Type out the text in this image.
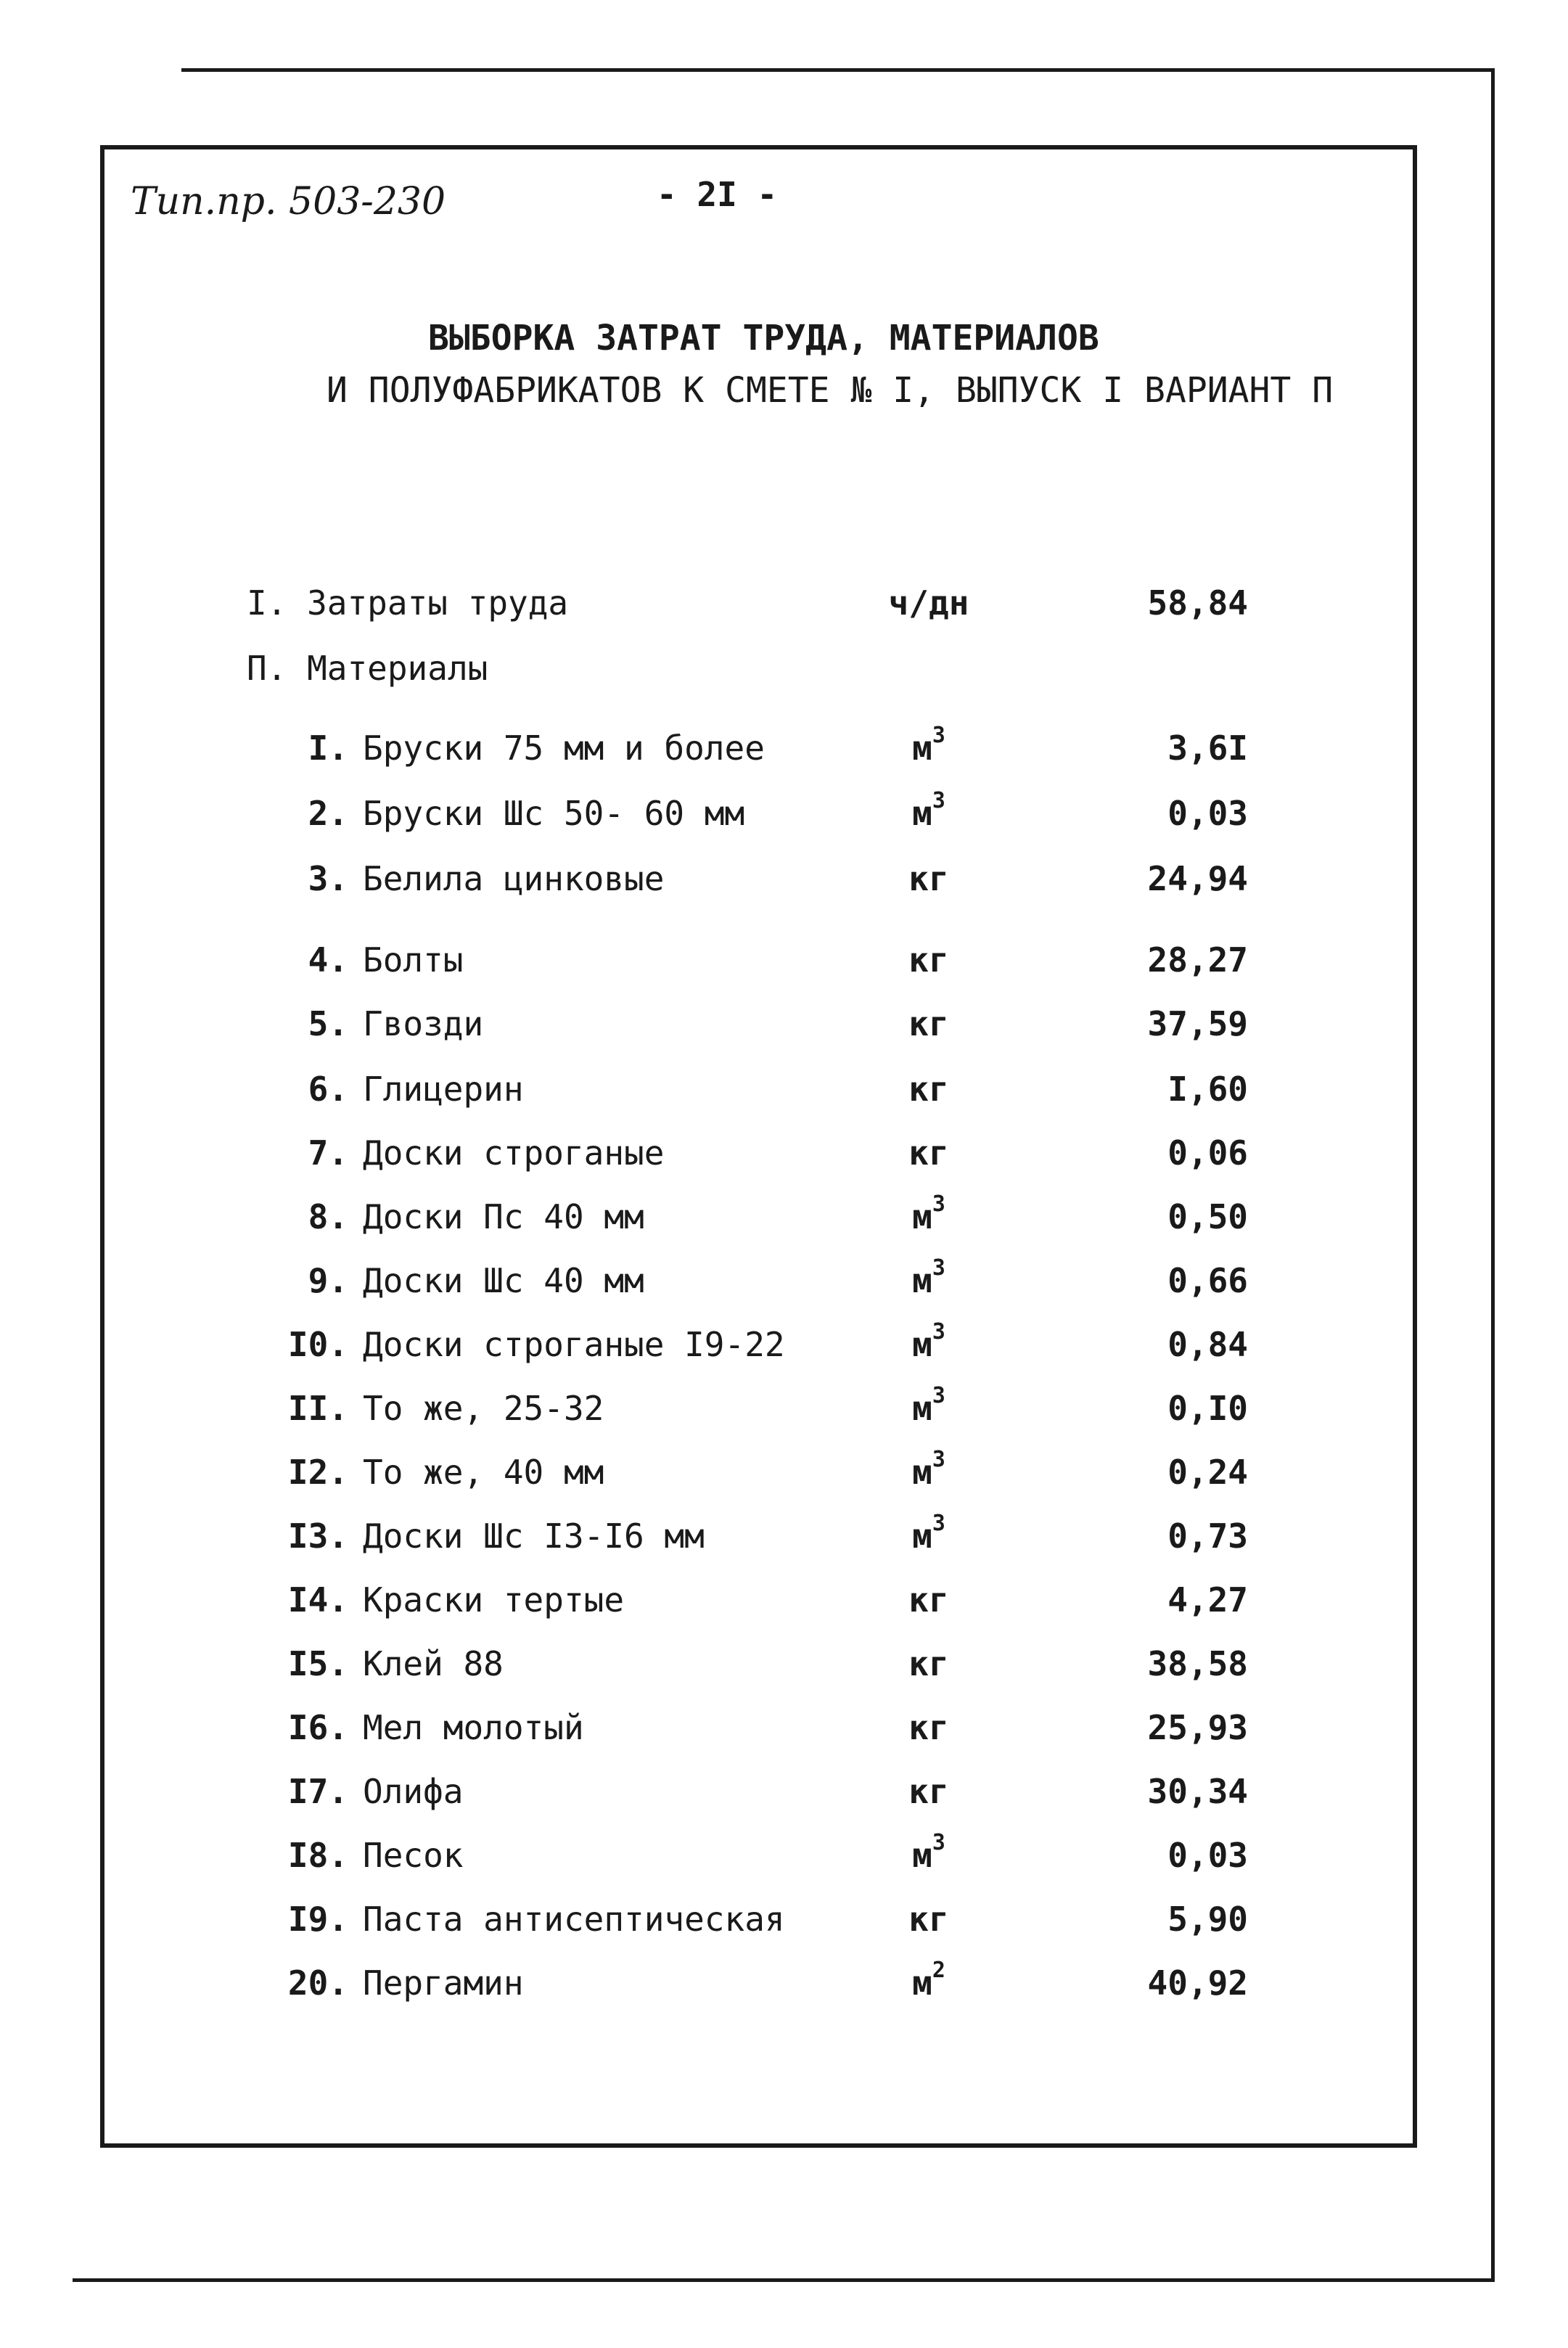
Тип.пр. 503-230	- 2I -
ВЫБОРКА ЗАТРАТ ТРУДА, МАТЕРИАЛОВ
И ПОЛУФАБРИКАТОВ К СМЕТЕ № I, ВЫПУСК I ВАРИАНТ П
I. Затраты труда	ч/дн	58,84
П. Материалы
I. Бруски 75 мм и более	$м^3$	3,6I
2. Бруски Шс 50- 60 мм	$м^3$	0,03
3. Белила цинковые	кг	24,94
4. Болты	кг	28,27
5. Гвозди	кг	37,59
6. Глицерин	кг	I,60
7. Доски строганые	кг	0,06
8. Доски Пс 40 мм	$м^3$	0,50
9. Доски Шс 40 мм	$м^3$	0,66
I0. Доски строганые I9-22	$м^3$	0,84
II. То же, 25-32	$м^3$	0,I0
I2. То же, 40 мм	$м^3$	0,24
I3. Доски Шс I3-I6 мм	$м^3$	0,73
I4. Краски тертые	кг	4,27
I5. Клей 88	кг	38,58
I6. Мел молотый	кг	25,93
I7. Олифа	кг	30,34
I8. Песок	$м^3$	0,03
I9. Паста антисептическая	кг	5,90
20. Пергамин	$м^2$	40,92
